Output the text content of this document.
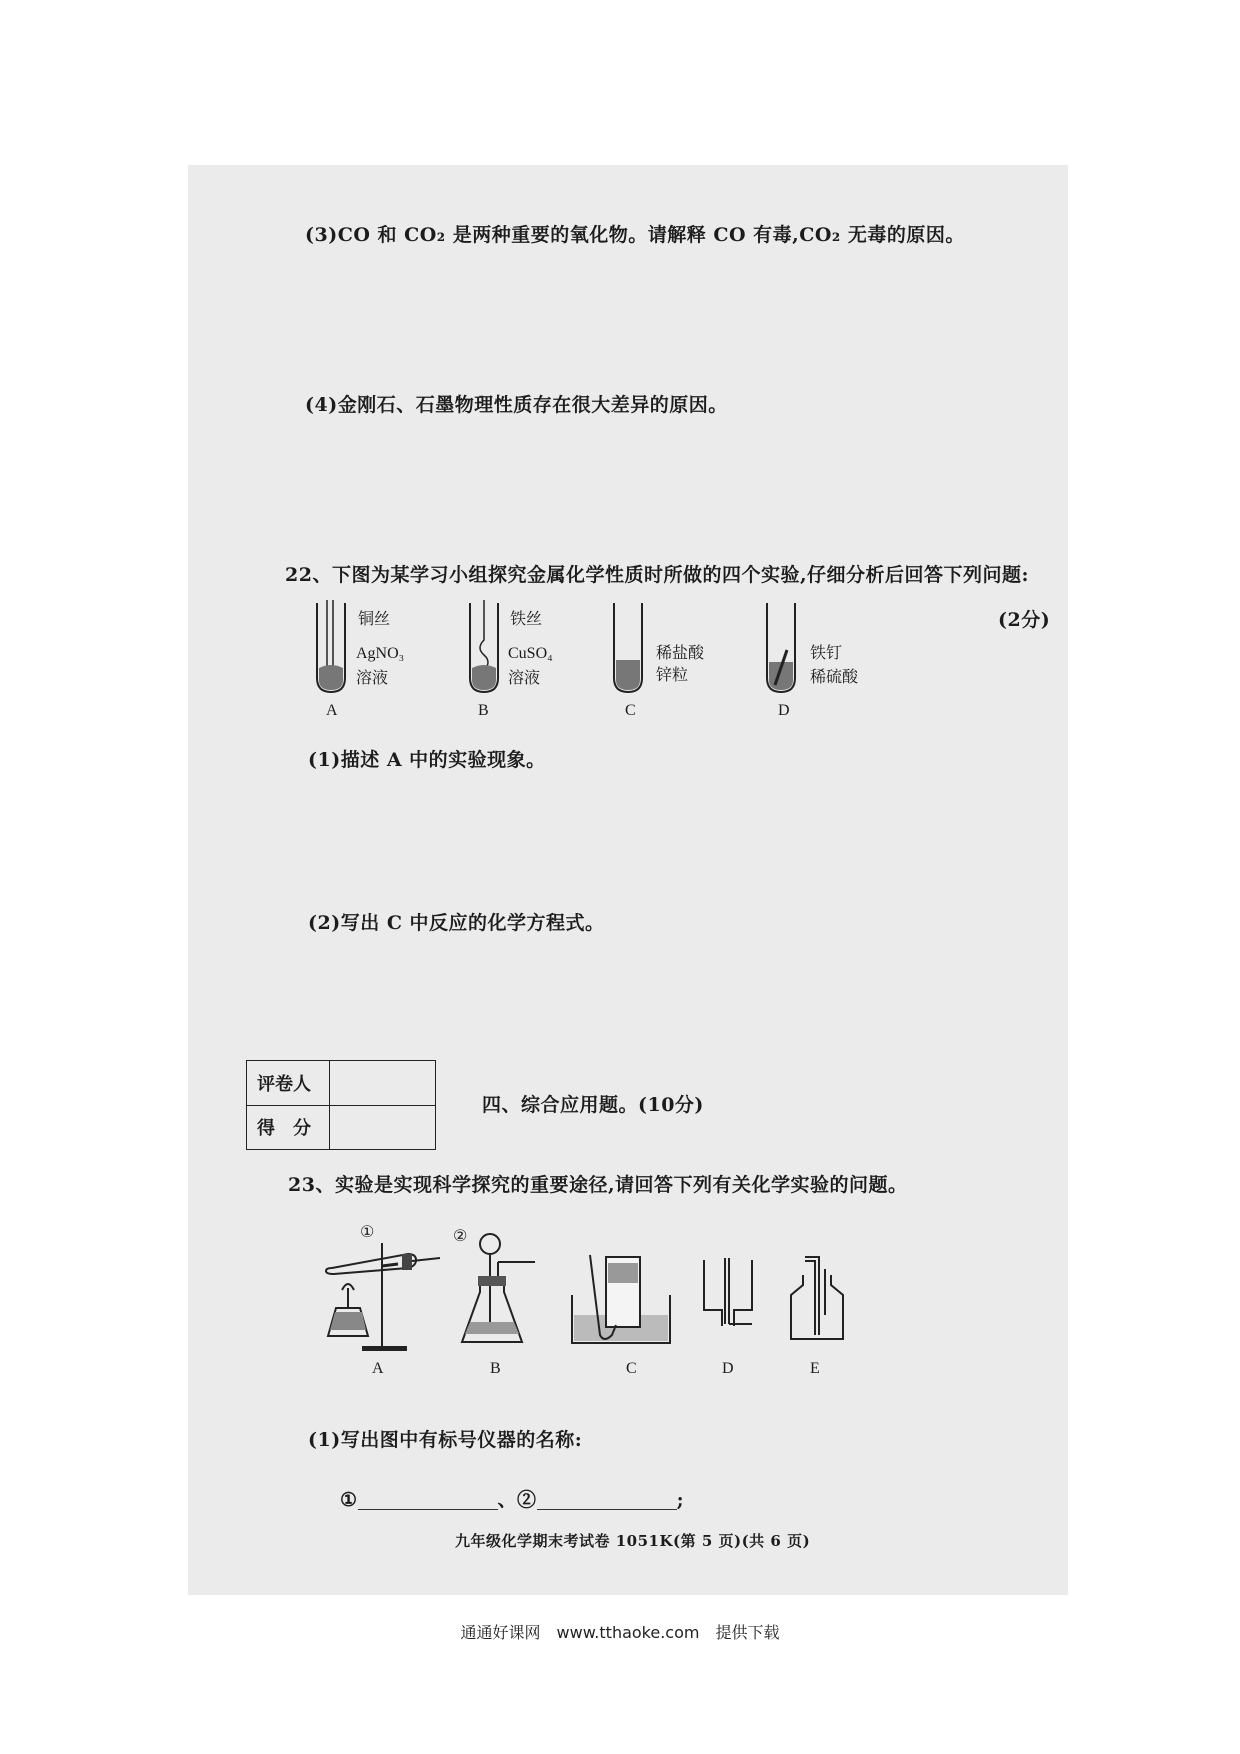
(3)CO 和 CO₂ 是两种重要的氧化物。请解释 CO 有毒,CO₂ 无毒的原因。
(4)金刚石、石墨物理性质存在很大差异的原因。
22、下图为某学习小组探究金属化学性质时所做的四个实验,仔细分析后回答下列问题:
(2分)
铜丝
AgNO₃
溶液
A
铁丝
CuSO₄
溶液
B
稀盐酸
锌粒
C
铁钉
稀硫酸
D
(1)描述 A 中的实验现象。
(2)写出 C 中反应的化学方程式。
评卷人	
得　分	
四、综合应用题。(10分)
23、实验是实现科学探究的重要途径,请回答下列有关化学实验的问题。
①	②
A	B	C	D	E
(1)写出图中有标号仪器的名称:
①	、②	;
九年级化学期末考试卷 1051K(第 5 页)(共 6 页)
通通好课网　www.tthaoke.com　提供下载
